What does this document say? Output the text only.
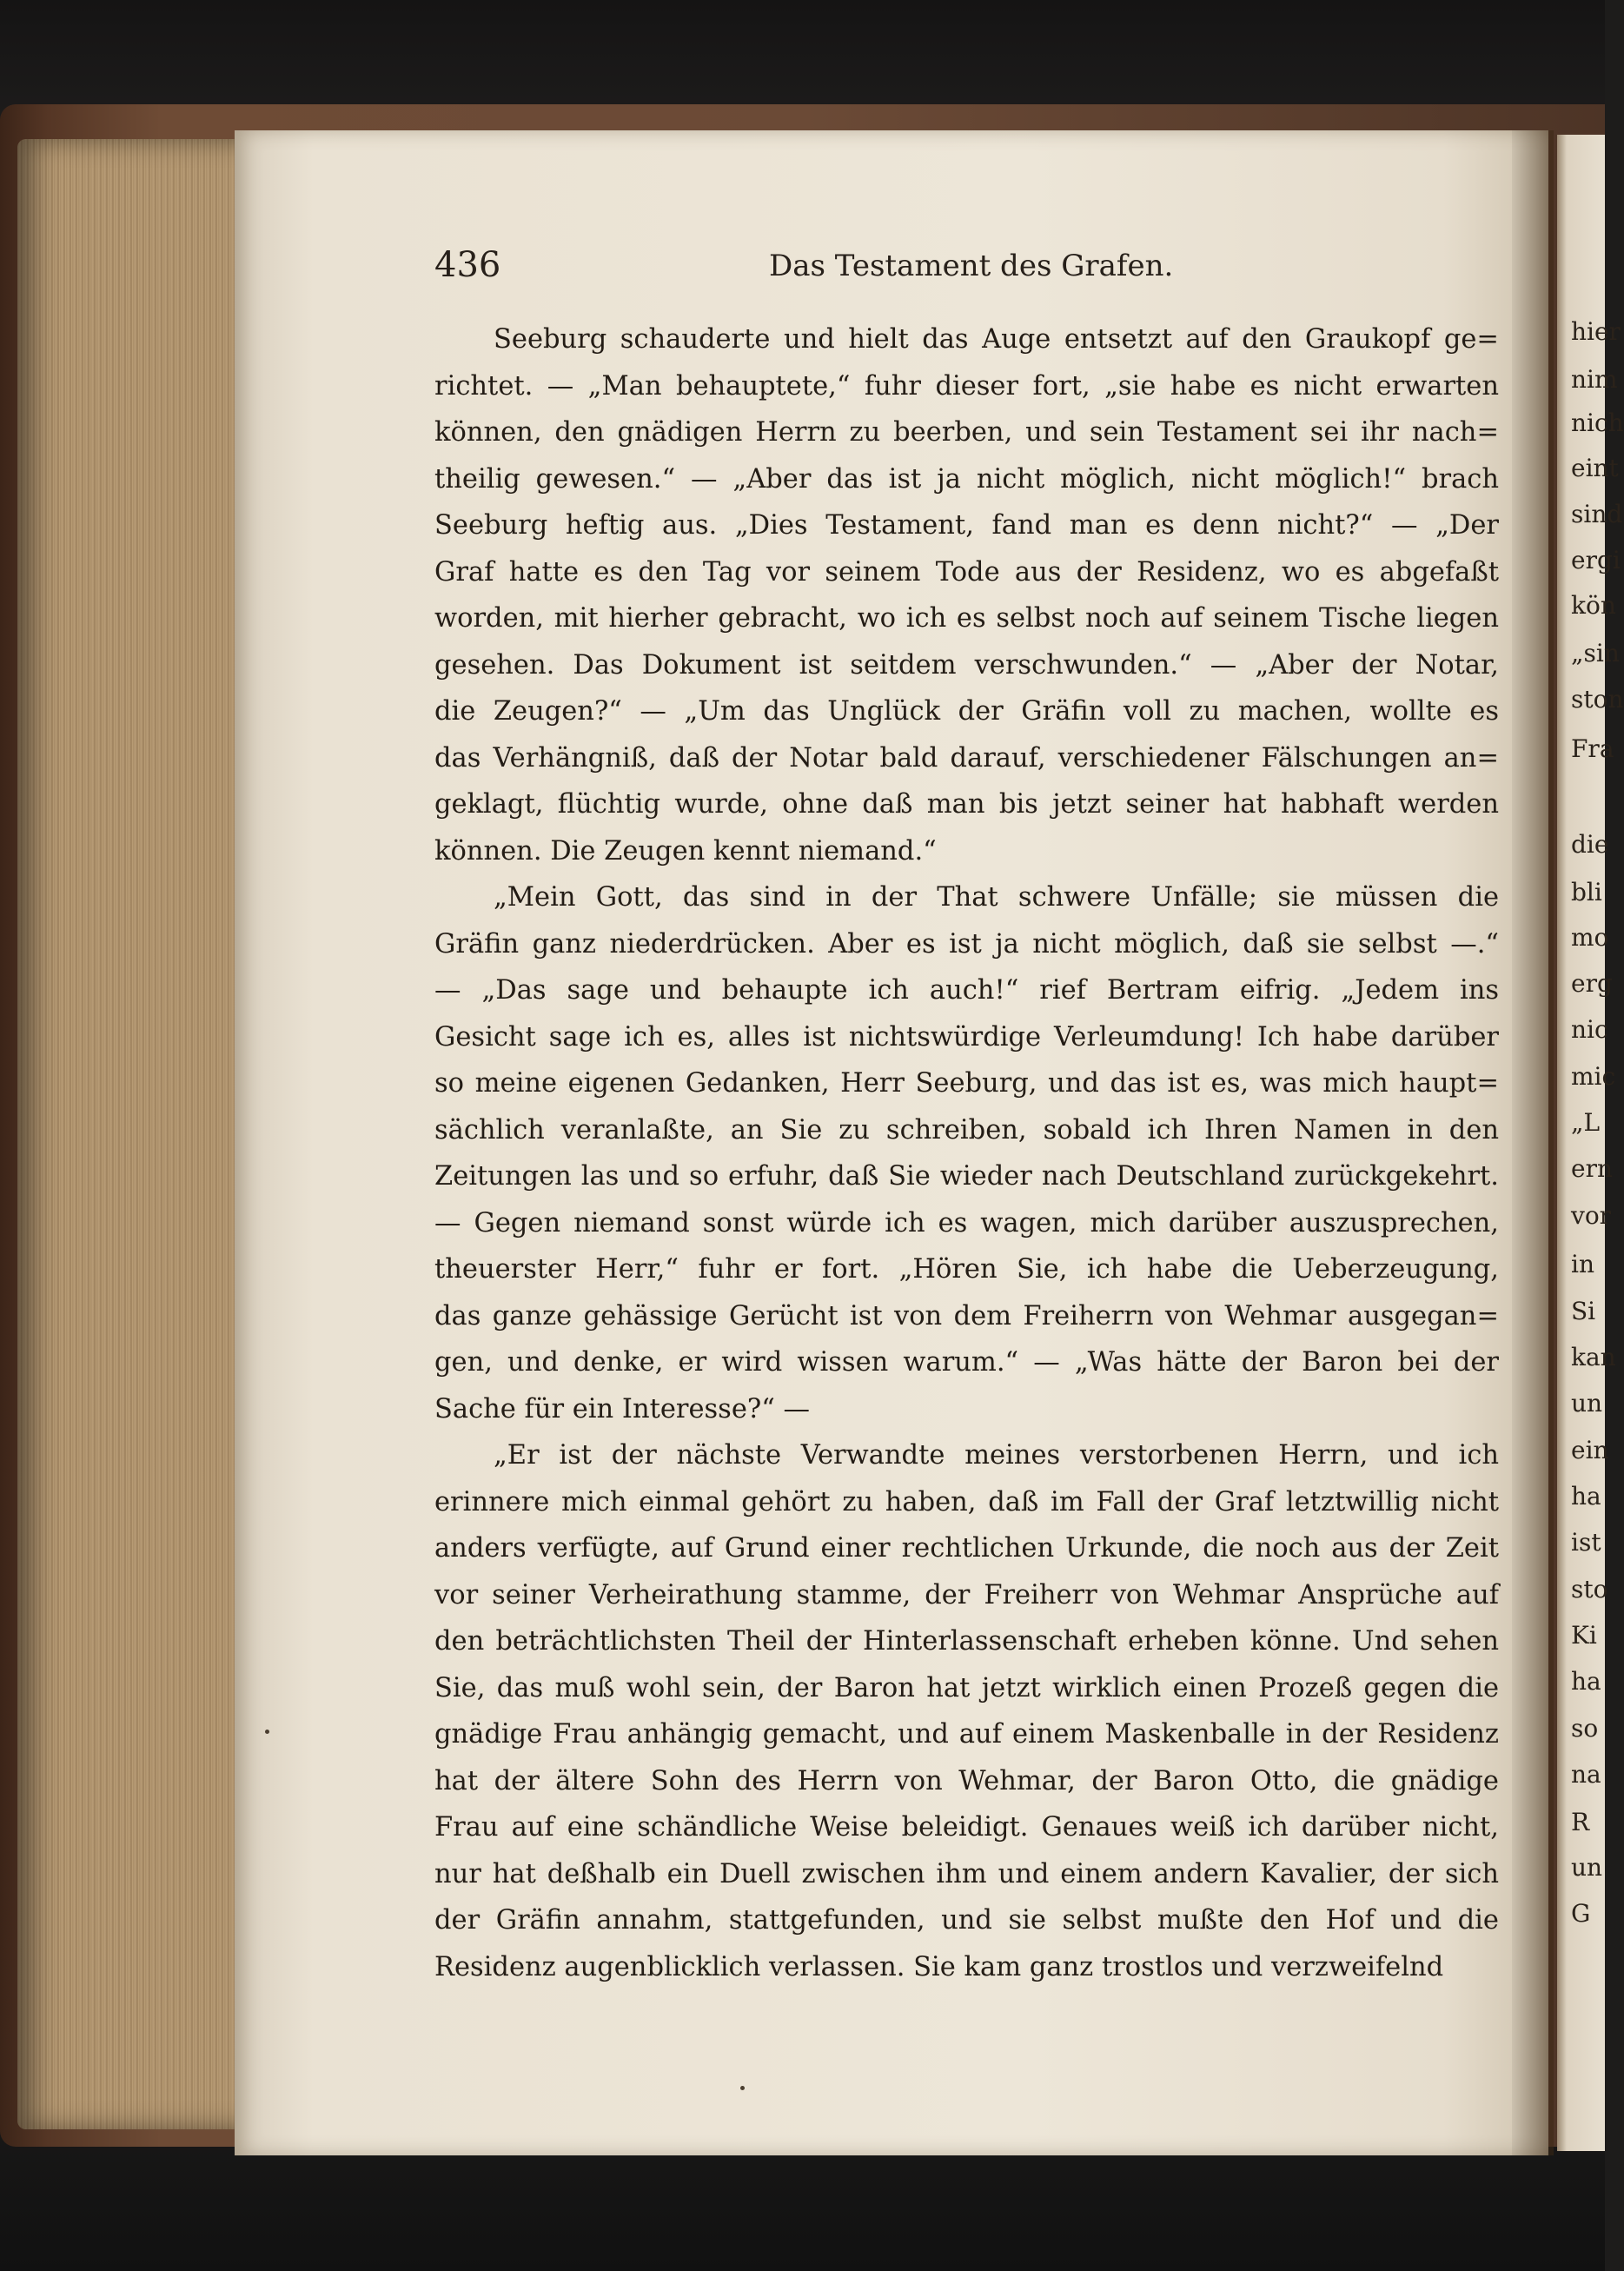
hier
nim
nich
eint
sind
ergi
kön
„sin
ston
Fra
die
bli
mo
erg
nic
mic
„L
ern
vor
in
Si
kan
un
ein
ha
ist
sto
Ki
ha
so
na
R
un
G
436	Das Testament des Grafen.
Seeburg schauderte und hielt das Auge entsetzt auf den Graukopf ge=
richtet. — „Man behauptete,“ fuhr dieser fort, „sie habe es nicht erwarten
können, den gnädigen Herrn zu beerben, und sein Testament sei ihr nach=
theilig gewesen.“ — „Aber das ist ja nicht möglich, nicht möglich!“ brach
Seeburg heftig aus. „Dies Testament, fand man es denn nicht?“ — „Der
Graf hatte es den Tag vor seinem Tode aus der Residenz, wo es abgefaßt
worden, mit hierher gebracht, wo ich es selbst noch auf seinem Tische liegen
gesehen. Das Dokument ist seitdem verschwunden.“ — „Aber der Notar,
die Zeugen?“ — „Um das Unglück der Gräfin voll zu machen, wollte es
das Verhängniß, daß der Notar bald darauf, verschiedener Fälschungen an=
geklagt, flüchtig wurde, ohne daß man bis jetzt seiner hat habhaft werden
können. Die Zeugen kennt niemand.“
„Mein Gott, das sind in der That schwere Unfälle; sie müssen die
Gräfin ganz niederdrücken. Aber es ist ja nicht möglich, daß sie selbst —.“
— „Das sage und behaupte ich auch!“ rief Bertram eifrig. „Jedem ins
Gesicht sage ich es, alles ist nichtswürdige Verleumdung! Ich habe darüber
so meine eigenen Gedanken, Herr Seeburg, und das ist es, was mich haupt=
sächlich veranlaßte, an Sie zu schreiben, sobald ich Ihren Namen in den
Zeitungen las und so erfuhr, daß Sie wieder nach Deutschland zurückgekehrt.
— Gegen niemand sonst würde ich es wagen, mich darüber auszusprechen,
theuerster Herr,“ fuhr er fort. „Hören Sie, ich habe die Ueberzeugung,
das ganze gehässige Gerücht ist von dem Freiherrn von Wehmar ausgegan=
gen, und denke, er wird wissen warum.“ — „Was hätte der Baron bei der
Sache für ein Interesse?“ —
„Er ist der nächste Verwandte meines verstorbenen Herrn, und ich
erinnere mich einmal gehört zu haben, daß im Fall der Graf letztwillig nicht
anders verfügte, auf Grund einer rechtlichen Urkunde, die noch aus der Zeit
vor seiner Verheirathung stamme, der Freiherr von Wehmar Ansprüche auf
den beträchtlichsten Theil der Hinterlassenschaft erheben könne. Und sehen
Sie, das muß wohl sein, der Baron hat jetzt wirklich einen Prozeß gegen die
gnädige Frau anhängig gemacht, und auf einem Maskenballe in der Residenz
hat der ältere Sohn des Herrn von Wehmar, der Baron Otto, die gnädige
Frau auf eine schändliche Weise beleidigt. Genaues weiß ich darüber nicht,
nur hat deßhalb ein Duell zwischen ihm und einem andern Kavalier, der sich
der Gräfin annahm, stattgefunden, und sie selbst mußte den Hof und die
Residenz augenblicklich verlassen. Sie kam ganz trostlos und verzweifelnd
